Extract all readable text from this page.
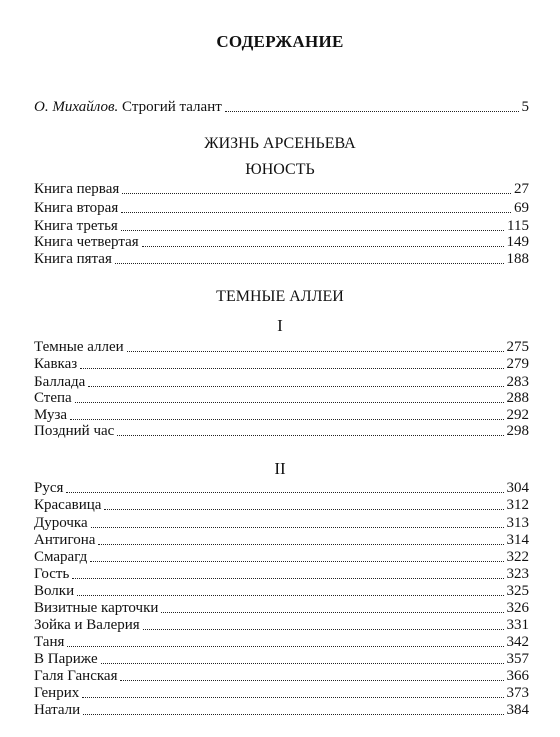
СОДЕРЖАНИЕ
О. Михайлов. Строгий талант	5
ЖИЗНЬ АРСЕНЬЕВА
ЮНОСТЬ
Книга первая	27
Книга вторая	69
Книга третья	115
Книга четвертая	149
Книга пятая	188
ТЕМНЫЕ АЛЛЕИ
I
Темные аллеи	275
Кавказ	279
Баллада	283
Степа	288
Муза	292
Поздний час	298
II
Руся	304
Красавица	312
Дурочка	313
Антигона	314
Смарагд	322
Гость	323
Волки	325
Визитные карточки	326
Зойка и Валерия	331
Таня	342
В Париже	357
Галя Ганская	366
Генрих	373
Натали	384
